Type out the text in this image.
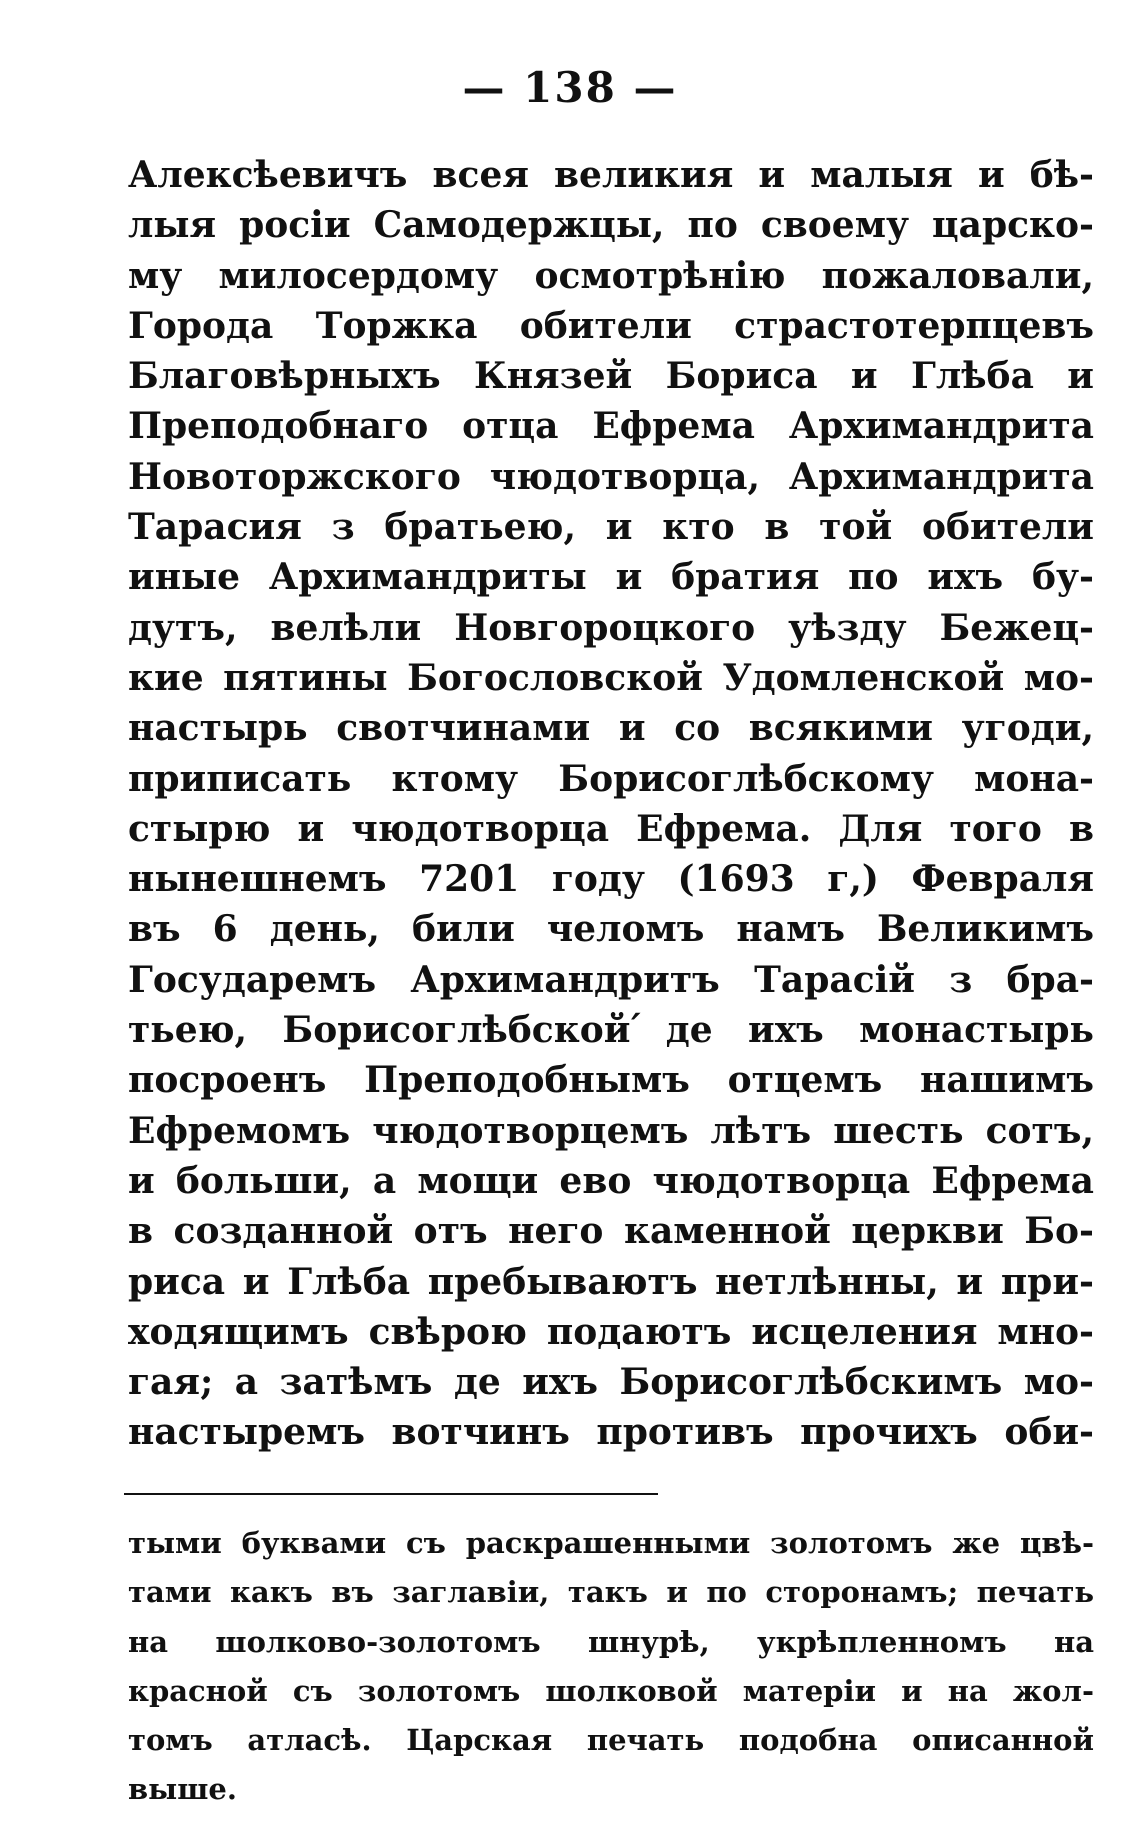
— 138 —
Алексѣевичъ всея великия и малыя и бѣ-
лыя росіи Самодержцы, по своему царско-
му милосердому осмотрѣнію пожаловали,
Города Торжка обители страстотерпцевъ
Благовѣрныхъ Князей Бориса и Глѣба и
Преподобнаго отца Ефрема Архимандрита
Новоторжского чюдотворца, Архимандрита
Тарасия з братьею, и кто в той обители
иные Архимандриты и братия по ихъ бу-
дутъ, велѣли Новгороцкого уѣзду Бежец-
кие пятины Богословской Удомленской мо-
настырь свотчинами и со всякими угоди,
приписать ктому Борисоглѣбскому мона-
стырю и чюдотворца Ефрема. Для того в
нынешнемъ 7201 году (1693 г,) Февраля
въ 6 день, били челомъ намъ Великимъ
Государемъ Архимандритъ Тарасій з бра-
тьею, Борисоглѣбской ́де ихъ монастырь
посроенъ Преподобнымъ отцемъ нашимъ
Ефремомъ чюдотворцемъ лѣтъ шесть сотъ,
и больши, а мощи ево чюдотворца Ефрема
в созданной отъ него каменной церкви Бо-
риса и Глѣба пребываютъ нетлѣнны, и при-
ходящимъ свѣрою подаютъ исцеления мно-
гая; а затѣмъ де ихъ Борисоглѣбскимъ мо-
настыремъ вотчинъ противъ прочихъ оби-
тыми буквами съ раскрашенными золотомъ же цвѣ-
тами какъ въ заглавіи, такъ и по сторонамъ; печать
на шолково-золотомъ шнурѣ, укрѣпленномъ на
красной съ золотомъ шолковой матеріи и на жол-
томъ атласѣ. Царская печать подобна описанной
выше.
